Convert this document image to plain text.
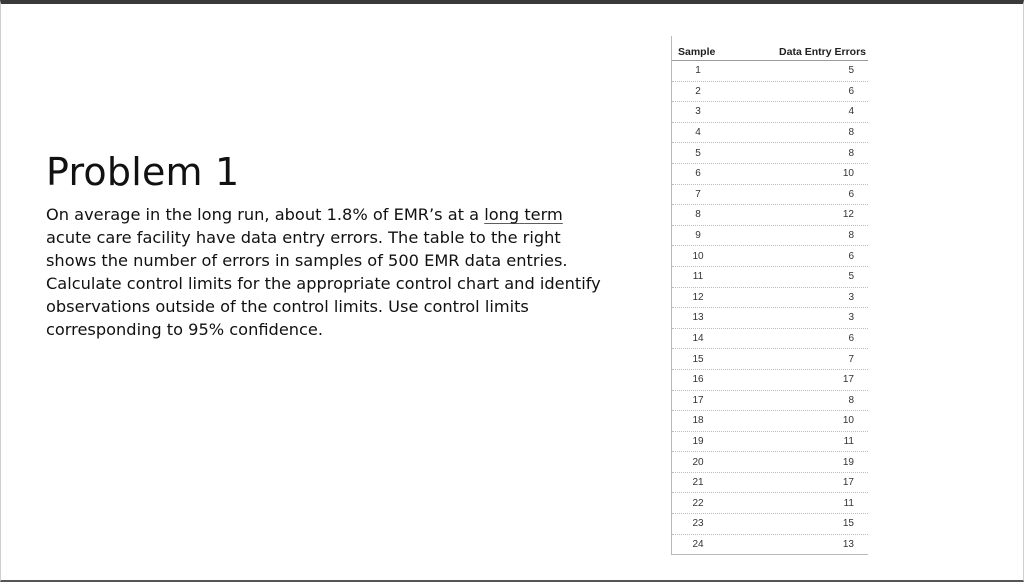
Problem 1
On average in the long run, about 1.8% of EMR’s at a long term acute care facility have data entry errors. The table to the right shows the number of errors in samples of 500 EMR data entries. Calculate control limits for the appropriate control chart and identify observations outside of the control limits. Use control limits corresponding to 95% confidence.
Sample	Data Entry Errors
1	5
2	6
3	4
4	8
5	8
6	10
7	6
8	12
9	8
10	6
11	5
12	3
13	3
14	6
15	7
16	17
17	8
18	10
19	11
20	19
21	17
22	11
23	15
24	13
